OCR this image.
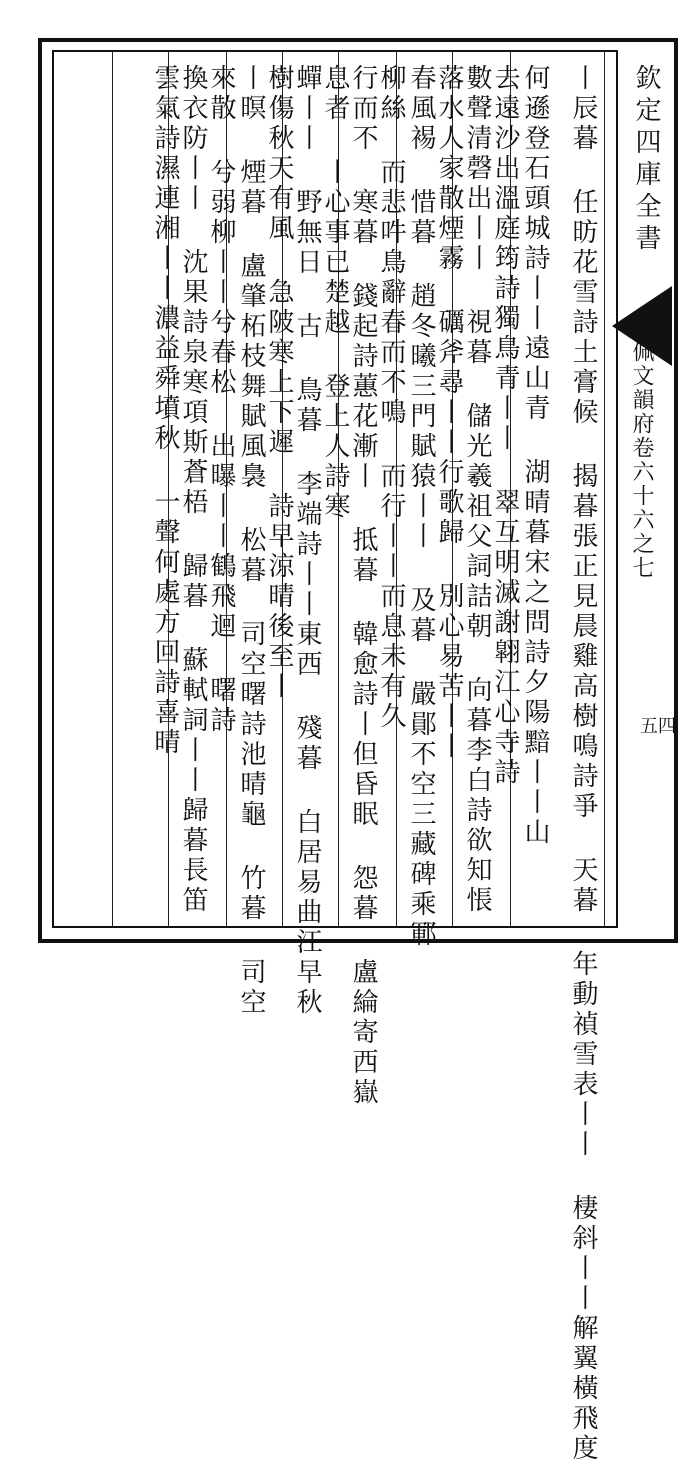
欽定四庫全書
佩文韻府卷六十六之七
五四
丨辰暮 任昉花雪詩土膏候 揭暮張正見晨雞高樹鳴詩爭 天暮 年動禎雪表丨丨 棲斜丨丨解翼橫飛度
何遜登石頭城詩丨丨遠山青 湖晴暮宋之問詩夕陽黯丨丨山
去遠沙出溫庭筠詩獨鳥青丨丨 翠互明滅謝翶江心寺詩
數聲清磬出丨丨 視暮 儲光羲祖父詞詰朝 向暮李白詩欲知悵
落水人家散煙霧 礪斧尋丨丨行歌歸 別心易苦丨丨
春風裼 惜暮 趙冬曦三門賦猿丨丨 及暮 嚴鄖不空三藏碑乘鄆
柳絲 而悲吽鳥辭春而不鳴 而行丨丨而息未有久
行而不 寒暮 錢起詩蕙花漸丨 抵暮 韓愈詩丨但昏眠 怨暮 盧綸寄西嶽
息者 丨心事已楚越 登上人詩寒
蟬丨丨 野無日 古 鳥暮 李端詩丨丨東西 殘暮 白居易曲江早秋
樹傷秋天有風 急陂寒上下遲 詩早涼晴後至丨
丨暝 煙暮 盧肇柘枝舞賦風裊 松暮 司空曙詩池晴龜 竹暮 司空
來散 兮弱柳丨丨兮春松 出曝丨丨鶴飛迴 曙詩
換衣防丨丨 沈果詩泉寒項斯蒼梧 歸暮 蘇軾詞丨丨歸暮長笛
雲氣詩濕連湘丨丨濃益舜墳秋 一聲何處方回詩喜晴
